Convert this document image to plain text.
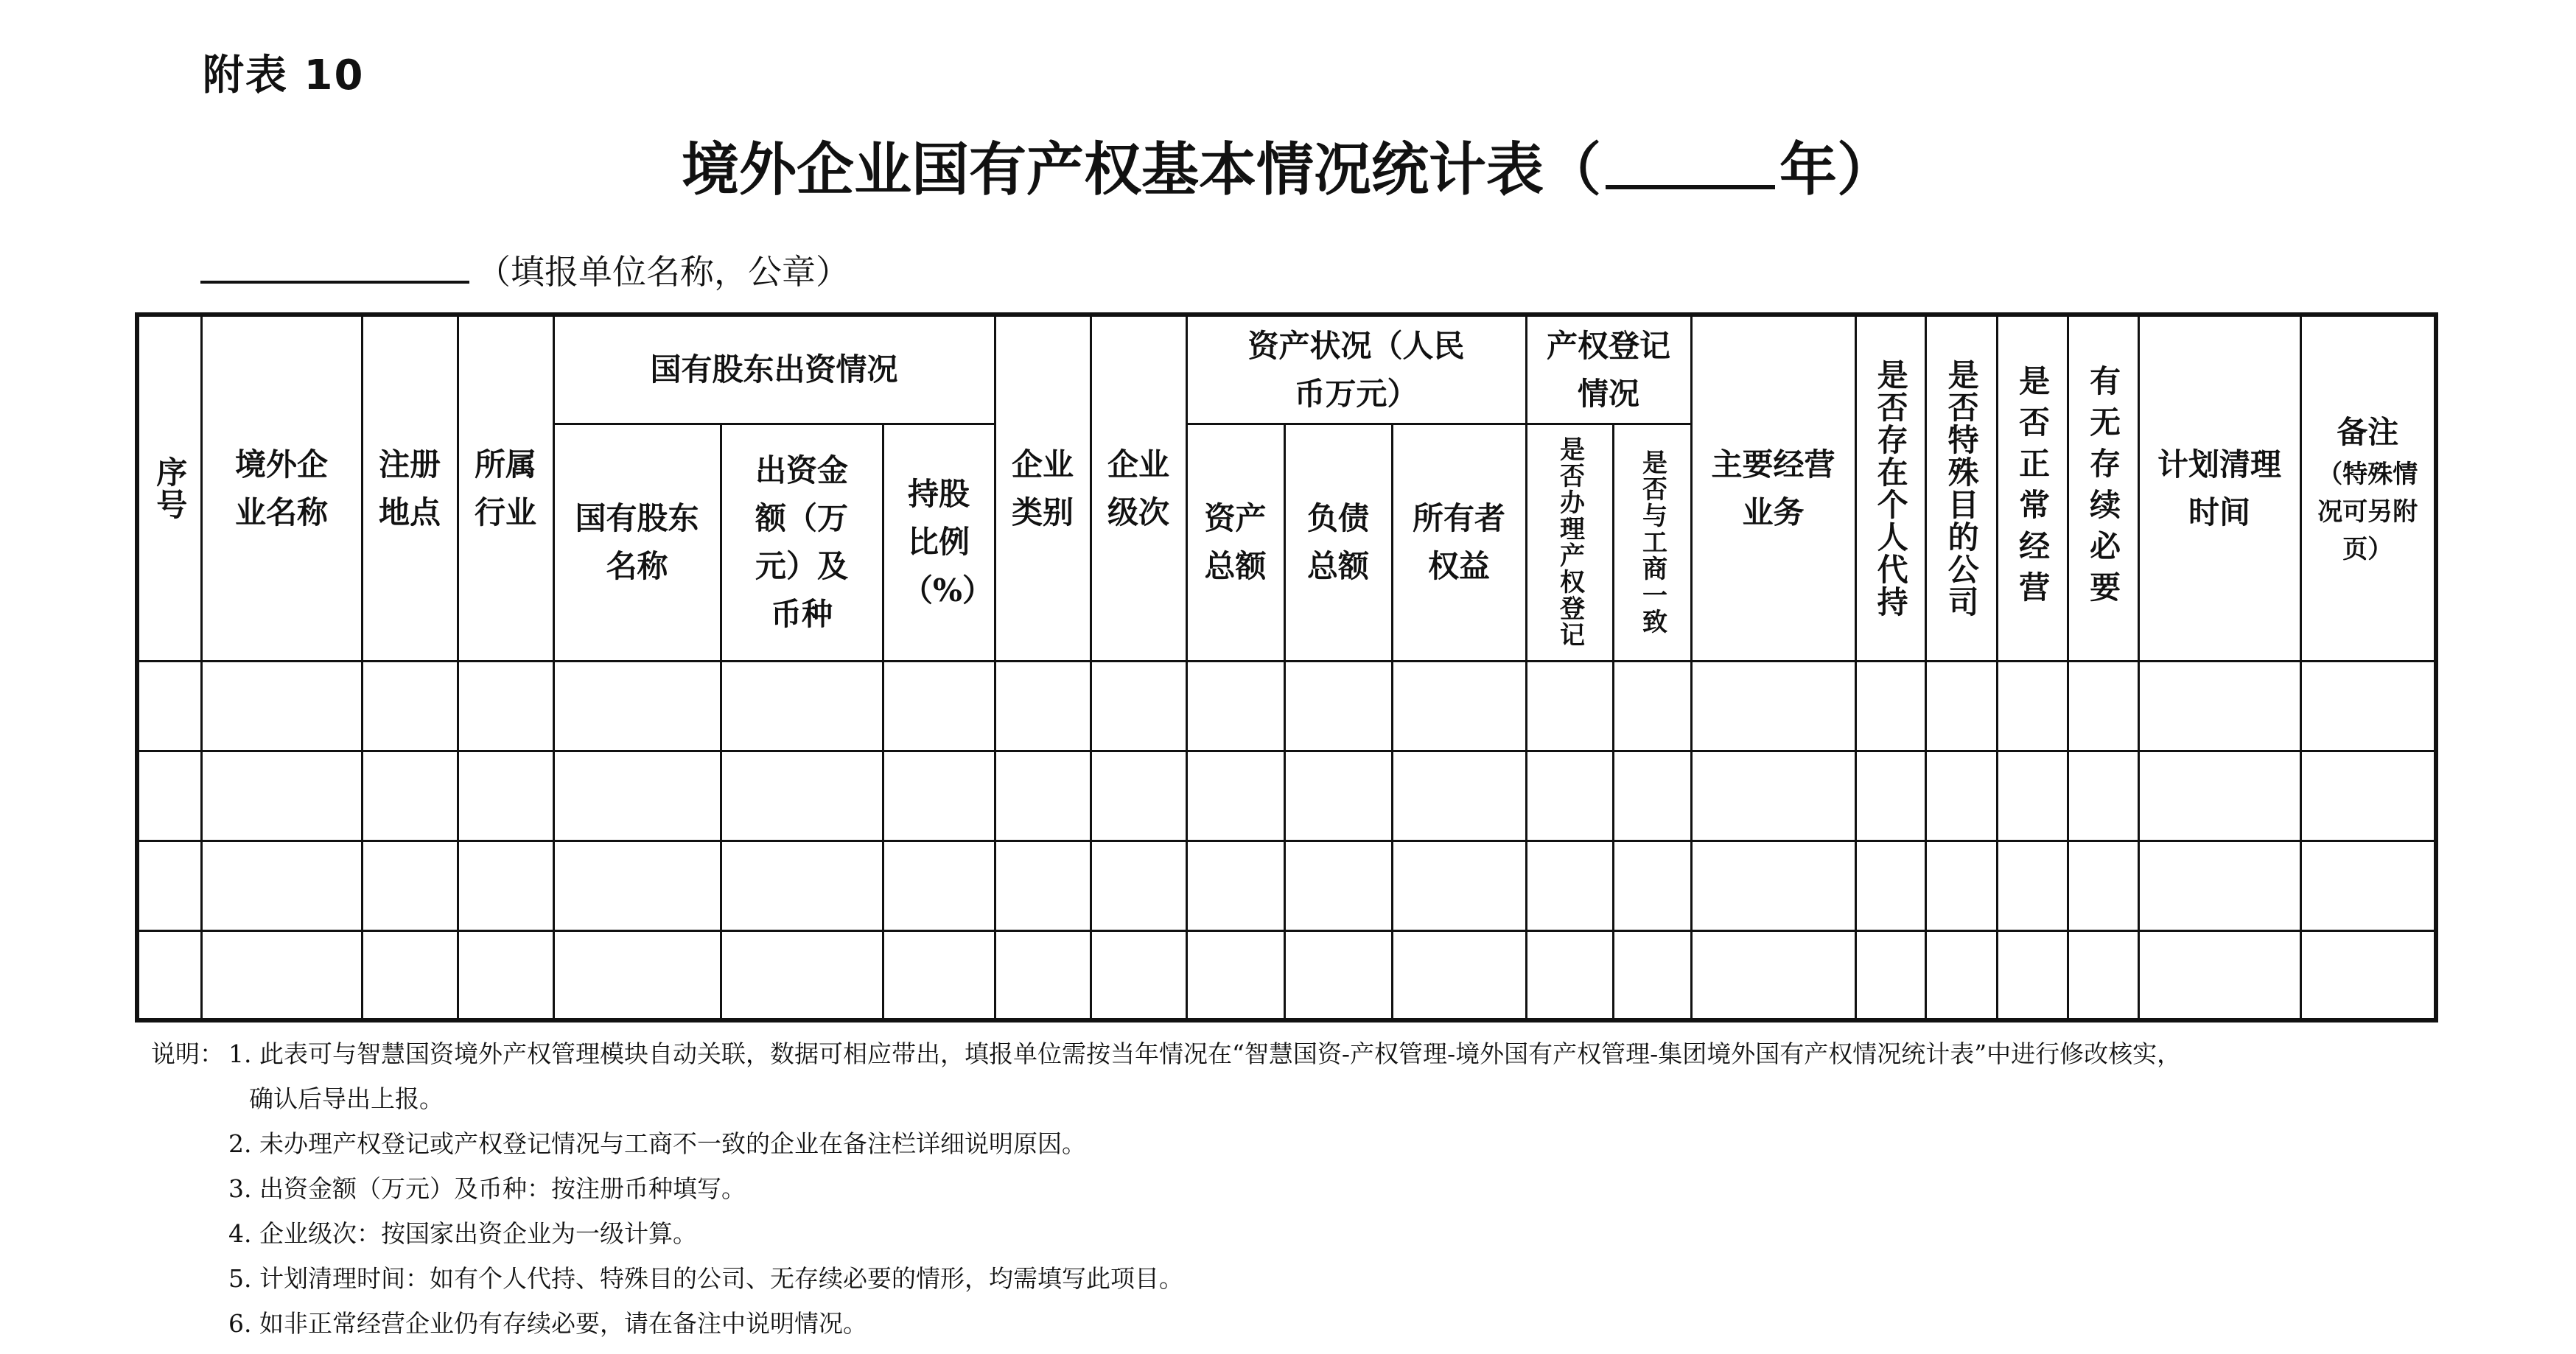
附表 10
境外企业国有产权基本情况统计表（	年）
（填报单位名称，公章）
序号	境外企业名称	注册地点	所属行业	国有股东出资情况			企业类别	企业级次	资产状况（人民币万元）			产权登记情况		主要经营业务	是否存在个人代持	是否特殊目的公司	是否正常经营	有无存续必要	计划清理时间	备注
（特殊情况可另附页）

				国有股东名称	出资金额（万元）及币种	持股比例（%）			资产总额	负债总额	所有者权益	是否办理产权登记	是否与工商一致							

说明： 1. 此表可与智慧国资境外产权管理模块自动关联，数据可相应带出，填报单位需按当年情况在“智慧国资-产权管理-境外国有产权管理-集团境外国有产权情况统计表”中进行修改核实，
确认后导出上报。
2. 未办理产权登记或产权登记情况与工商不一致的企业在备注栏详细说明原因。
3. 出资金额（万元）及币种：按注册币种填写。
4. 企业级次：按国家出资企业为一级计算。
5. 计划清理时间：如有个人代持、特殊目的公司、无存续必要的情形，均需填写此项目。
6. 如非正常经营企业仍有存续必要，请在备注中说明情况。
